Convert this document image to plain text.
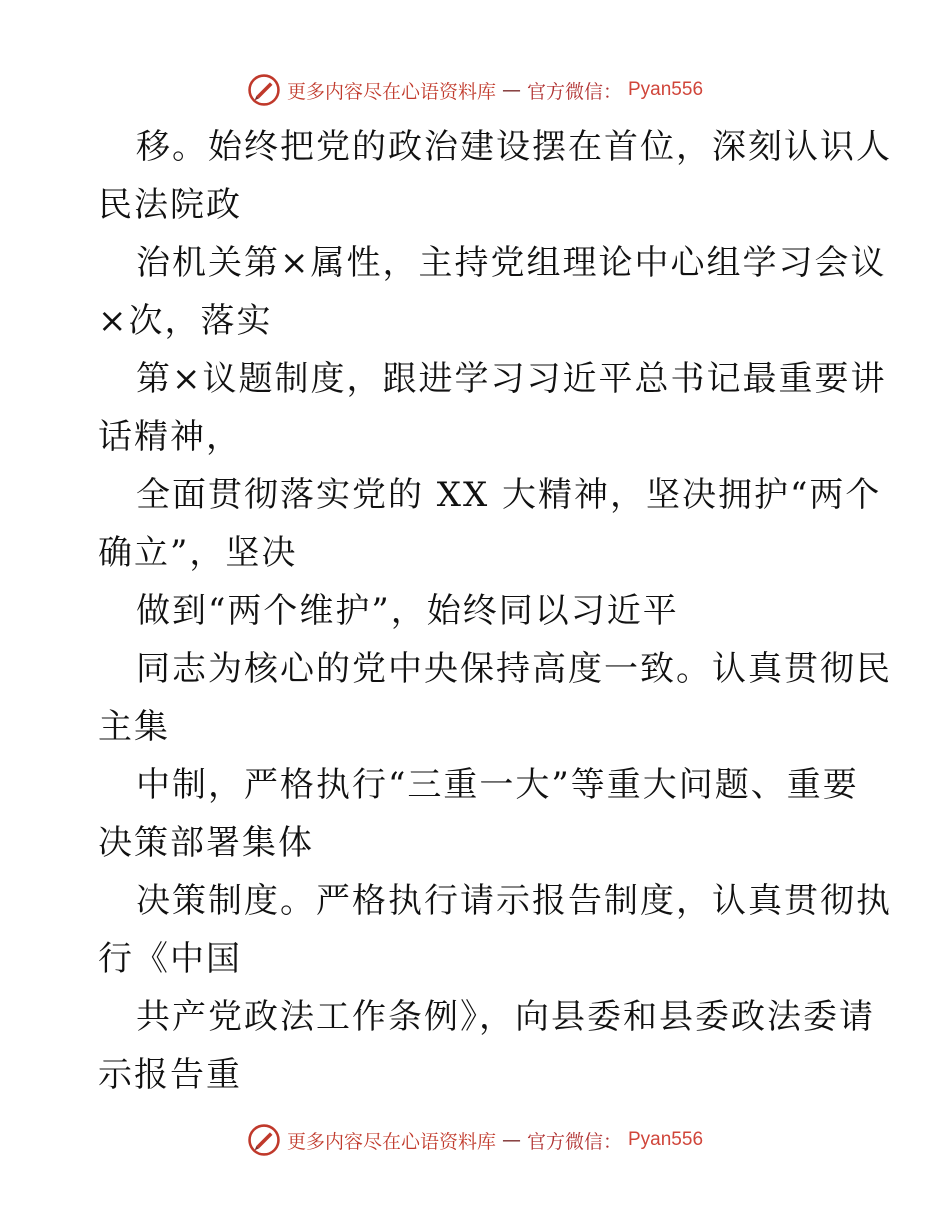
更多内容尽在心语资料库 — 官方微信： Pyan556
移。始终把党的政治建设摆在首位，深刻认识人
民法院政
治机关第×属性，主持党组理论中心组学习会议
×次，落实
第×议题制度，跟进学习习近平总书记最重要讲
话精神，
全面贯彻落实党的 XX 大精神，坚决拥护“两个
确立”，坚决
做到“两个维护”，始终同以习近平
同志为核心的党中央保持高度一致。认真贯彻民
主集
中制，严格执行“三重一大”等重大问题、重要
决策部署集体
决策制度。严格执行请示报告制度，认真贯彻执
行《中国
共产党政法工作条例》，向县委和县委政法委请
示报告重
更多内容尽在心语资料库 — 官方微信： Pyan556
